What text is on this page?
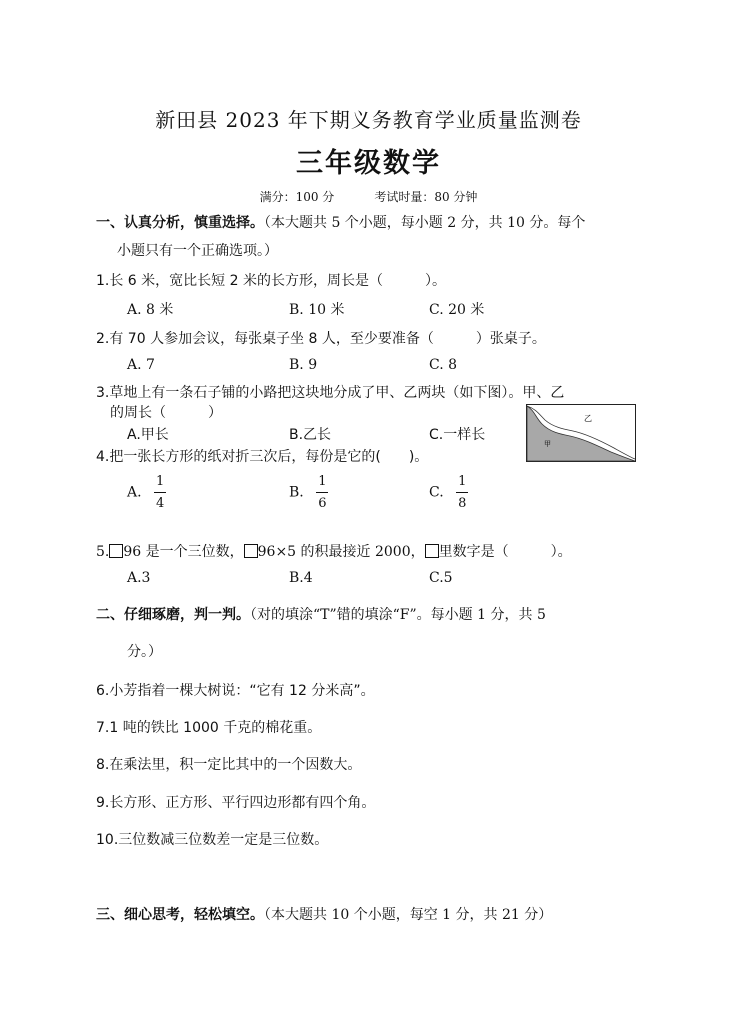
新田县 2023 年下期义务教育学业质量监测卷
三年级数学
满分：100 分	考试时量：80 分钟
一、认真分析，慎重选择。（本大题共 5 个小题，每小题 2 分，共 10 分。每个
小题只有一个正确选项。）
1.长 6 米，宽比长短 2 米的长方形，周长是（　　　）。
A. 8 米	B. 10 米	C. 20 米
2.有 70 人参加会议，每张桌子坐 8 人，至少要准备（　　　）张桌子。
A. 7	B. 9	C. 8
3.草地上有一条石子铺的小路把这块地分成了甲、乙两块（如下图）。甲、乙
的周长（　　　）
A.甲长	B.乙长	C.一样长
乙
甲
4.把一张长方形的纸对折三次后，每份是它的(　　)。
A. $\frac{1}{4}$	B. $\frac{1}{6}$	C. $\frac{1}{8}$
5. 96 是一个三位数， 96×5 的积最接近 2000， 里数字是（　　　）。
A.3	B.4	C.5
二、仔细琢磨，判一判。（对的填涂“T”错的填涂“F”。每小题 1 分，共 5
分。）
6.小芳指着一棵大树说：“它有 12 分米高”。
7.1 吨的铁比 1000 千克的棉花重。
8.在乘法里，积一定比其中的一个因数大。
9.长方形、正方形、平行四边形都有四个角。
10.三位数减三位数差一定是三位数。
三、细心思考，轻松填空。（本大题共 10 个小题，每空 1 分，共 21 分）
